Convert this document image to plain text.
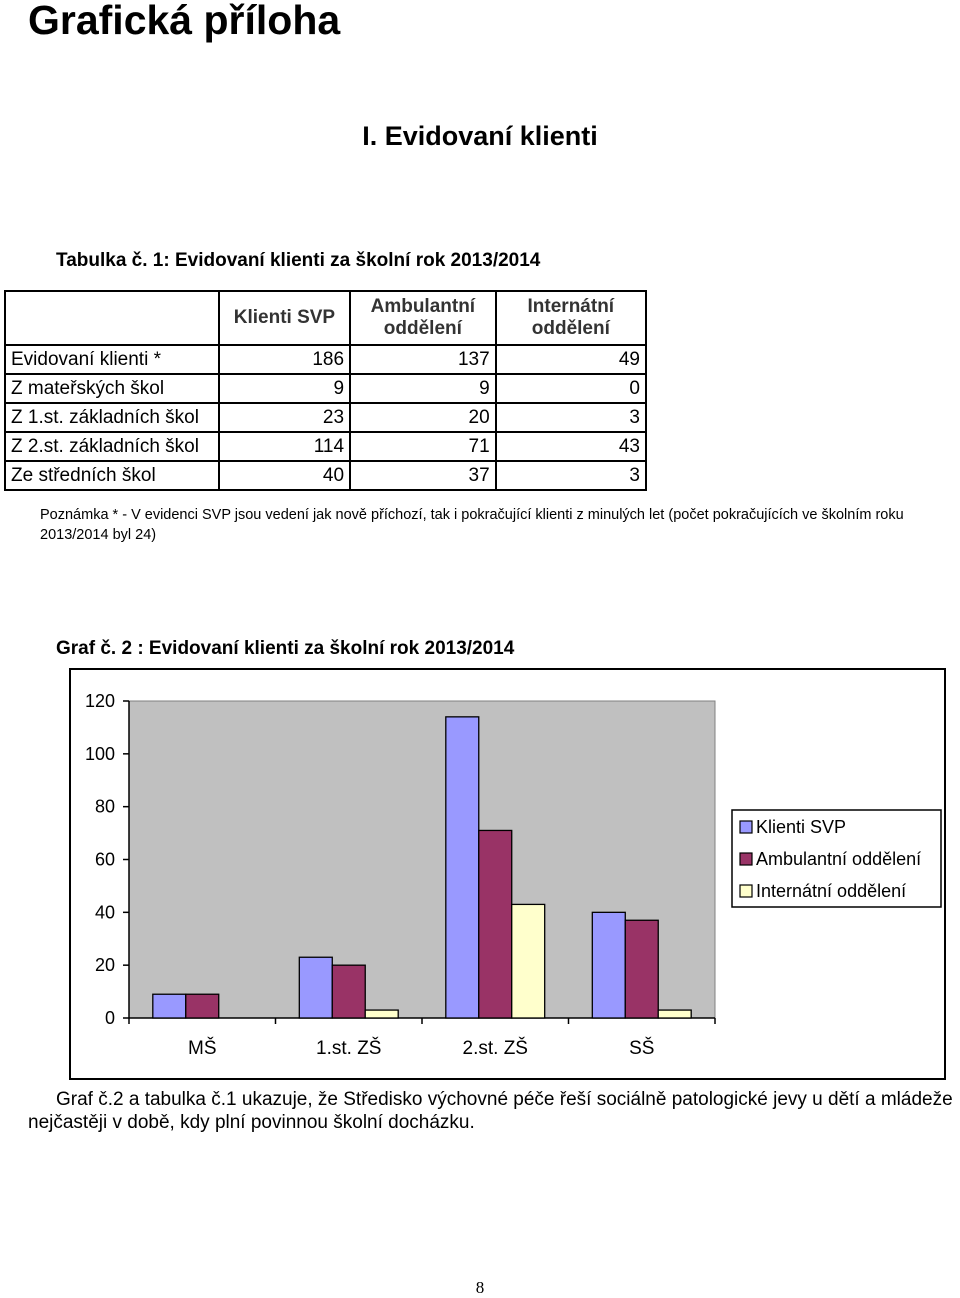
Grafická příloha
I. Evidovaní klienti
Tabulka č. 1: Evidovaní klienti za školní rok 2013/2014
	Klienti SVP	Ambulantní oddělení	Internátní oddělení
Evidovaní klienti *	186	137	49
Z mateřských škol	9	9	0
Z 1.st. základních škol	23	20	3
Z 2.st. základních škol	114	71	43
Ze středních škol	40	37	3
Poznámka * - V evidenci SVP jsou vedení jak nově příchozí, tak i pokračující klienti z minulých let (počet pokračujících ve školním roku 2013/2014 byl 24)
Graf č. 2 : Evidovaní klienti za školní rok 2013/2014
0
20
40
60
80
100
120
MŠ	1.st. ZŠ	2.st. ZŠ	SŠ
Klienti SVP
Ambulantní oddělení
Internátní oddělení
Graf č.2 a tabulka č.1 ukazuje, že Středisko výchovné péče řeší sociálně patologické jevy u dětí a mládeže nejčastěji v době, kdy plní povinnou školní docházku.
8
